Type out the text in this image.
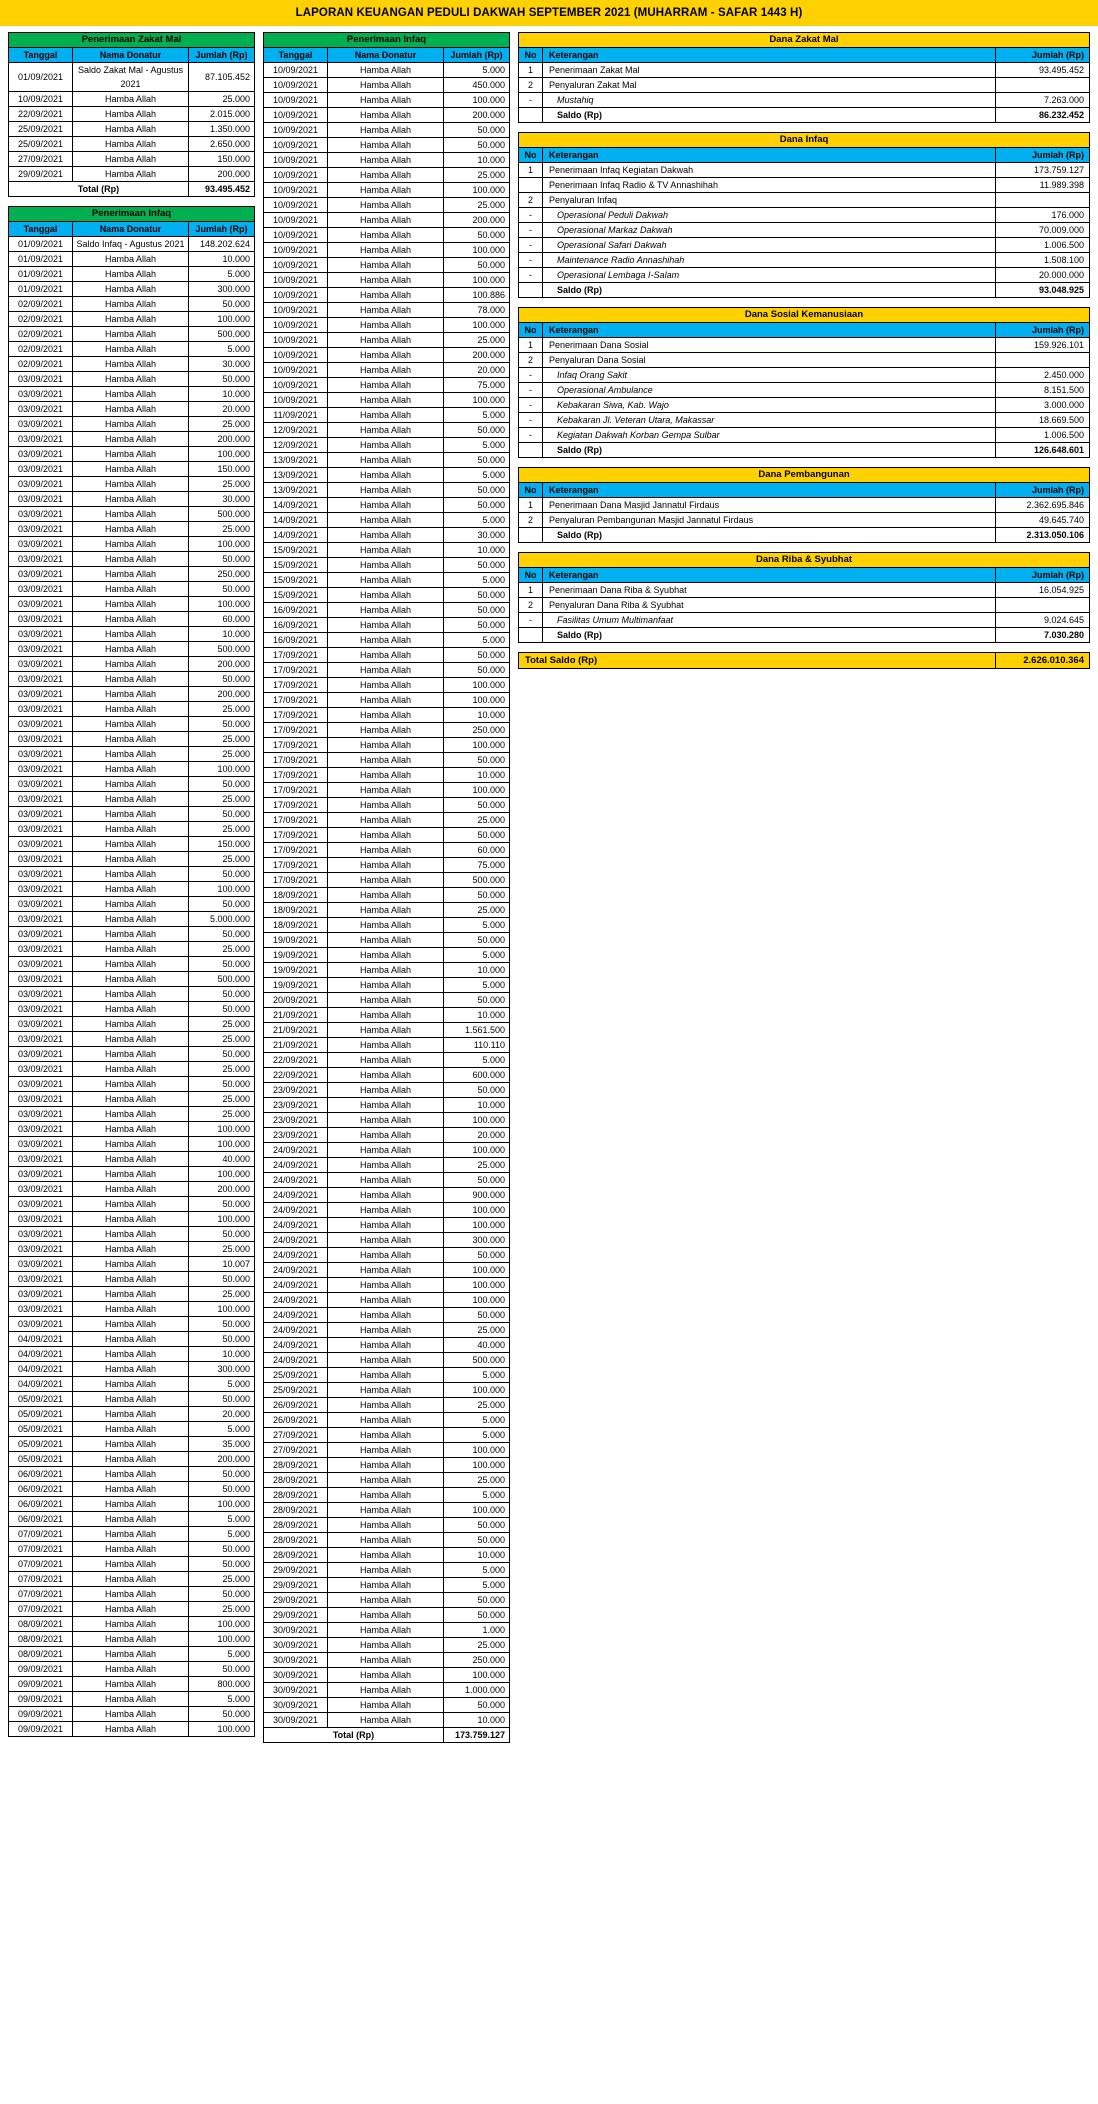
LAPORAN KEUANGAN PEDULI DAKWAH SEPTEMBER 2021 (MUHARRAM - SAFAR 1443 H)
Penerimaan Zakat Mal		
Tanggal	Nama Donatur	Jumlah (Rp)
01/09/2021	Saldo Zakat Mal - Agustus 2021	87.105.452
10/09/2021	Hamba Allah	25.000
22/09/2021	Hamba Allah	2.015.000
25/09/2021	Hamba Allah	1.350.000
25/09/2021	Hamba Allah	2.650.000
27/09/2021	Hamba Allah	150.000
29/09/2021	Hamba Allah	200.000
Total (Rp)		93.495.452
Penerimaan Infaq		
Tanggal	Nama Donatur	Jumlah (Rp)
01/09/2021	Saldo Infaq - Agustus 2021	148.202.624
01/09/2021	Hamba Allah	10.000
01/09/2021	Hamba Allah	5.000
01/09/2021	Hamba Allah	300.000
02/09/2021	Hamba Allah	50.000
02/09/2021	Hamba Allah	100.000
02/09/2021	Hamba Allah	500.000
02/09/2021	Hamba Allah	5.000
02/09/2021	Hamba Allah	30.000
03/09/2021	Hamba Allah	50.000
03/09/2021	Hamba Allah	10.000
03/09/2021	Hamba Allah	20.000
03/09/2021	Hamba Allah	25.000
03/09/2021	Hamba Allah	200.000
03/09/2021	Hamba Allah	100.000
03/09/2021	Hamba Allah	150.000
03/09/2021	Hamba Allah	25.000
03/09/2021	Hamba Allah	30.000
03/09/2021	Hamba Allah	500.000
03/09/2021	Hamba Allah	25.000
03/09/2021	Hamba Allah	100.000
03/09/2021	Hamba Allah	50.000
03/09/2021	Hamba Allah	250.000
03/09/2021	Hamba Allah	50.000
03/09/2021	Hamba Allah	100.000
03/09/2021	Hamba Allah	60.000
03/09/2021	Hamba Allah	10.000
03/09/2021	Hamba Allah	500.000
03/09/2021	Hamba Allah	200.000
03/09/2021	Hamba Allah	50.000
03/09/2021	Hamba Allah	200.000
03/09/2021	Hamba Allah	25.000
03/09/2021	Hamba Allah	50.000
03/09/2021	Hamba Allah	25.000
03/09/2021	Hamba Allah	25.000
03/09/2021	Hamba Allah	100.000
03/09/2021	Hamba Allah	50.000
03/09/2021	Hamba Allah	25.000
03/09/2021	Hamba Allah	50.000
03/09/2021	Hamba Allah	25.000
03/09/2021	Hamba Allah	150.000
03/09/2021	Hamba Allah	25.000
03/09/2021	Hamba Allah	50.000
03/09/2021	Hamba Allah	100.000
03/09/2021	Hamba Allah	50.000
03/09/2021	Hamba Allah	5.000.000
03/09/2021	Hamba Allah	50.000
03/09/2021	Hamba Allah	25.000
03/09/2021	Hamba Allah	50.000
03/09/2021	Hamba Allah	500.000
03/09/2021	Hamba Allah	50.000
03/09/2021	Hamba Allah	50.000
03/09/2021	Hamba Allah	25.000
03/09/2021	Hamba Allah	25.000
03/09/2021	Hamba Allah	50.000
03/09/2021	Hamba Allah	25.000
03/09/2021	Hamba Allah	50.000
03/09/2021	Hamba Allah	25.000
03/09/2021	Hamba Allah	25.000
03/09/2021	Hamba Allah	100.000
03/09/2021	Hamba Allah	100.000
03/09/2021	Hamba Allah	40.000
03/09/2021	Hamba Allah	100.000
03/09/2021	Hamba Allah	200.000
03/09/2021	Hamba Allah	50.000
03/09/2021	Hamba Allah	100.000
03/09/2021	Hamba Allah	50.000
03/09/2021	Hamba Allah	25.000
03/09/2021	Hamba Allah	10.007
03/09/2021	Hamba Allah	50.000
03/09/2021	Hamba Allah	25.000
03/09/2021	Hamba Allah	100.000
03/09/2021	Hamba Allah	50.000
04/09/2021	Hamba Allah	50.000
04/09/2021	Hamba Allah	10.000
04/09/2021	Hamba Allah	300.000
04/09/2021	Hamba Allah	5.000
05/09/2021	Hamba Allah	50.000
05/09/2021	Hamba Allah	20.000
05/09/2021	Hamba Allah	5.000
05/09/2021	Hamba Allah	35.000
05/09/2021	Hamba Allah	200.000
06/09/2021	Hamba Allah	50.000
06/09/2021	Hamba Allah	50.000
06/09/2021	Hamba Allah	100.000
06/09/2021	Hamba Allah	5.000
07/09/2021	Hamba Allah	5.000
07/09/2021	Hamba Allah	50.000
07/09/2021	Hamba Allah	50.000
07/09/2021	Hamba Allah	25.000
07/09/2021	Hamba Allah	50.000
07/09/2021	Hamba Allah	25.000
08/09/2021	Hamba Allah	100.000
08/09/2021	Hamba Allah	100.000
08/09/2021	Hamba Allah	5.000
09/09/2021	Hamba Allah	50.000
09/09/2021	Hamba Allah	800.000
09/09/2021	Hamba Allah	5.000
09/09/2021	Hamba Allah	50.000
09/09/2021	Hamba Allah	100.000
Penerimaan Infaq		
Tanggal	Nama Donatur	Jumlah (Rp)
10/09/2021	Hamba Allah	5.000
10/09/2021	Hamba Allah	450.000
10/09/2021	Hamba Allah	100.000
10/09/2021	Hamba Allah	200.000
10/09/2021	Hamba Allah	50.000
10/09/2021	Hamba Allah	50.000
10/09/2021	Hamba Allah	10.000
10/09/2021	Hamba Allah	25.000
10/09/2021	Hamba Allah	100.000
10/09/2021	Hamba Allah	25.000
10/09/2021	Hamba Allah	200.000
10/09/2021	Hamba Allah	50.000
10/09/2021	Hamba Allah	100.000
10/09/2021	Hamba Allah	50.000
10/09/2021	Hamba Allah	100.000
10/09/2021	Hamba Allah	100.886
10/09/2021	Hamba Allah	78.000
10/09/2021	Hamba Allah	100.000
10/09/2021	Hamba Allah	25.000
10/09/2021	Hamba Allah	200.000
10/09/2021	Hamba Allah	20.000
10/09/2021	Hamba Allah	75.000
10/09/2021	Hamba Allah	100.000
11/09/2021	Hamba Allah	5.000
12/09/2021	Hamba Allah	50.000
12/09/2021	Hamba Allah	5.000
13/09/2021	Hamba Allah	50.000
13/09/2021	Hamba Allah	5.000
13/09/2021	Hamba Allah	50.000
14/09/2021	Hamba Allah	50.000
14/09/2021	Hamba Allah	5.000
14/09/2021	Hamba Allah	30.000
15/09/2021	Hamba Allah	10.000
15/09/2021	Hamba Allah	50.000
15/09/2021	Hamba Allah	5.000
15/09/2021	Hamba Allah	50.000
16/09/2021	Hamba Allah	50.000
16/09/2021	Hamba Allah	50.000
16/09/2021	Hamba Allah	5.000
17/09/2021	Hamba Allah	50.000
17/09/2021	Hamba Allah	50.000
17/09/2021	Hamba Allah	100.000
17/09/2021	Hamba Allah	100.000
17/09/2021	Hamba Allah	10.000
17/09/2021	Hamba Allah	250.000
17/09/2021	Hamba Allah	100.000
17/09/2021	Hamba Allah	50.000
17/09/2021	Hamba Allah	10.000
17/09/2021	Hamba Allah	100.000
17/09/2021	Hamba Allah	50.000
17/09/2021	Hamba Allah	25.000
17/09/2021	Hamba Allah	50.000
17/09/2021	Hamba Allah	60.000
17/09/2021	Hamba Allah	75.000
17/09/2021	Hamba Allah	500.000
18/09/2021	Hamba Allah	50.000
18/09/2021	Hamba Allah	25.000
18/09/2021	Hamba Allah	5.000
19/09/2021	Hamba Allah	50.000
19/09/2021	Hamba Allah	5.000
19/09/2021	Hamba Allah	10.000
19/09/2021	Hamba Allah	5.000
20/09/2021	Hamba Allah	50.000
21/09/2021	Hamba Allah	10.000
21/09/2021	Hamba Allah	1.561.500
21/09/2021	Hamba Allah	110.110
22/09/2021	Hamba Allah	5.000
22/09/2021	Hamba Allah	600.000
23/09/2021	Hamba Allah	50.000
23/09/2021	Hamba Allah	10.000
23/09/2021	Hamba Allah	100.000
23/09/2021	Hamba Allah	20.000
24/09/2021	Hamba Allah	100.000
24/09/2021	Hamba Allah	25.000
24/09/2021	Hamba Allah	50.000
24/09/2021	Hamba Allah	900.000
24/09/2021	Hamba Allah	100.000
24/09/2021	Hamba Allah	100.000
24/09/2021	Hamba Allah	300.000
24/09/2021	Hamba Allah	50.000
24/09/2021	Hamba Allah	100.000
24/09/2021	Hamba Allah	100.000
24/09/2021	Hamba Allah	100.000
24/09/2021	Hamba Allah	50.000
24/09/2021	Hamba Allah	25.000
24/09/2021	Hamba Allah	40.000
24/09/2021	Hamba Allah	500.000
25/09/2021	Hamba Allah	5.000
25/09/2021	Hamba Allah	100.000
26/09/2021	Hamba Allah	25.000
26/09/2021	Hamba Allah	5.000
27/09/2021	Hamba Allah	5.000
27/09/2021	Hamba Allah	100.000
28/09/2021	Hamba Allah	100.000
28/09/2021	Hamba Allah	25.000
28/09/2021	Hamba Allah	5.000
28/09/2021	Hamba Allah	100.000
28/09/2021	Hamba Allah	50.000
28/09/2021	Hamba Allah	50.000
28/09/2021	Hamba Allah	10.000
29/09/2021	Hamba Allah	5.000
29/09/2021	Hamba Allah	5.000
29/09/2021	Hamba Allah	50.000
29/09/2021	Hamba Allah	50.000
30/09/2021	Hamba Allah	1.000
30/09/2021	Hamba Allah	25.000
30/09/2021	Hamba Allah	250.000
30/09/2021	Hamba Allah	100.000
30/09/2021	Hamba Allah	1.000.000
30/09/2021	Hamba Allah	50.000
30/09/2021	Hamba Allah	10.000
Total (Rp)		173.759.127
Dana Zakat Mal		
No	Keterangan	Jumlah (Rp)
1	Penerimaan Zakat Mal	93.495.452
2	Penyaluran Zakat Mal	
-	Mustahiq	7.263.000
	Saldo (Rp)	86.232.452
Dana Infaq		
No	Keterangan	Jumlah (Rp)
1	Penerimaan Infaq Kegiatan Dakwah	173.759.127
	Penerimaan Infaq Radio & TV Annashihah	11.989.398
2	Penyaluran Infaq	
-	Operasional Peduli Dakwah	176.000
-	Operasional Markaz Dakwah	70.009.000
-	Operasional Safari Dakwah	1.006.500
-	Maintenance Radio Annashihah	1.508.100
-	Operasional Lembaga I-Salam	20.000.000
	Saldo (Rp)	93.048.925
Dana Sosial Kemanusiaan		
No	Keterangan	Jumlah (Rp)
1	Penerimaan Dana Sosial	159.926.101
2	Penyaluran Dana Sosial	
-	Infaq Orang Sakit	2.450.000
-	Operasional Ambulance	8.151.500
-	Kebakaran Siwa, Kab. Wajo	3.000.000
-	Kebakaran Jl. Veteran Utara, Makassar	18.669.500
-	Kegiatan Dakwah Korban Gempa Sulbar	1.006.500
	Saldo (Rp)	126.648.601
Dana Pembangunan		
No	Keterangan	Jumlah (Rp)
1	Penerimaan Dana Masjid Jannatul Firdaus	2.362.695.846
2	Penyaluran Pembangunan Masjid Jannatul Firdaus	49.645.740
	Saldo (Rp)	2.313.050.106
Dana Riba & Syubhat		
No	Keterangan	Jumlah (Rp)
1	Penerimaan Dana Riba & Syubhat	16.054.925
2	Penyaluran Dana Riba & Syubhat	
-	Fasilitas Umum Multimanfaat	9.024.645
	Saldo (Rp)	7.030.280
Total Saldo (Rp)	2.626.010.364
